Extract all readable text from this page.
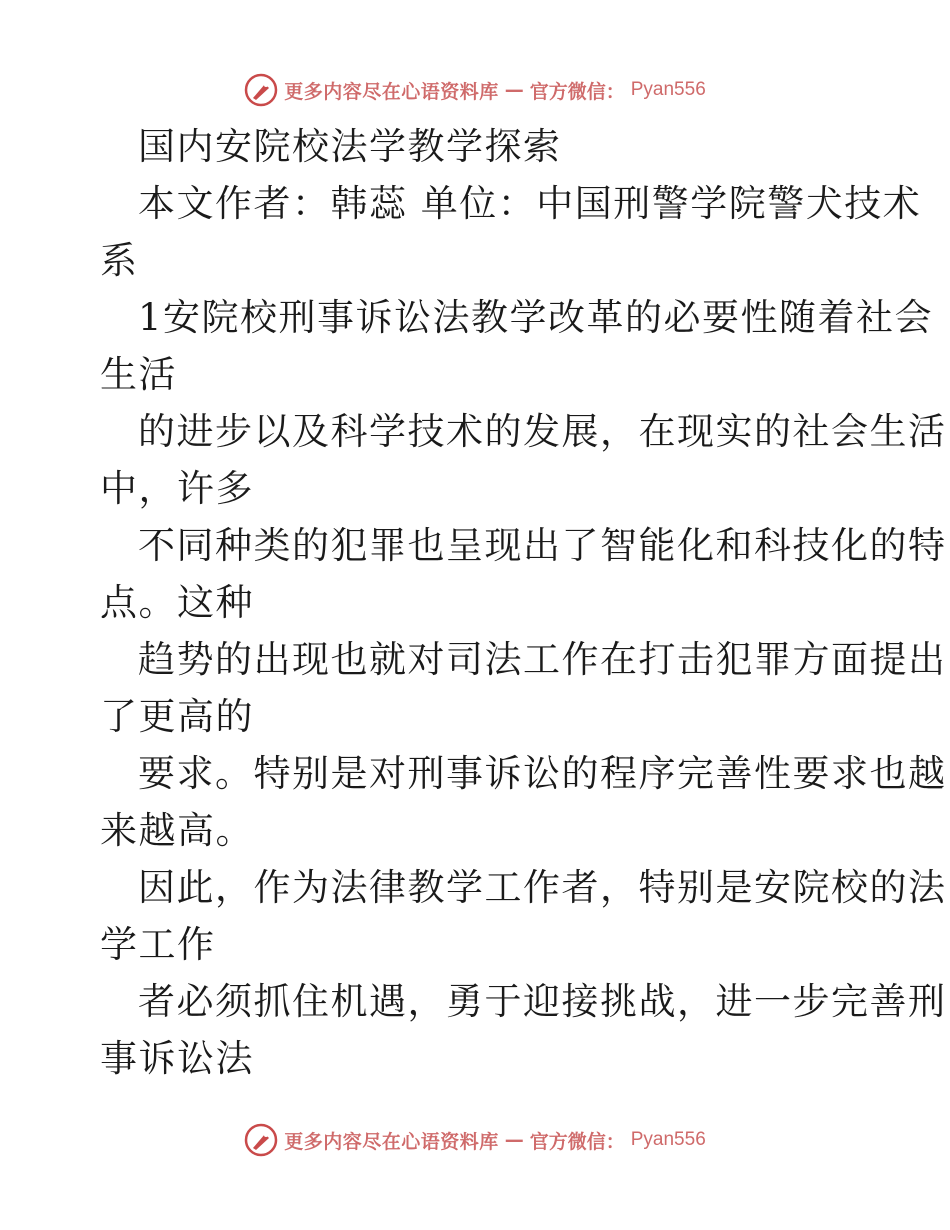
更多内容尽在心语资料库 — 官方微信： Pyan556
国内安院校法学教学探索
本文作者：韩蕊 单位：中国刑警学院警犬技术
系
1安院校刑事诉讼法教学改革的必要性随着社会
生活
的进步以及科学技术的发展，在现实的社会生活
中，许多
不同种类的犯罪也呈现出了智能化和科技化的特
点。这种
趋势的出现也就对司法工作在打击犯罪方面提出
了更高的
要求。特别是对刑事诉讼的程序完善性要求也越
来越高。
因此，作为法律教学工作者，特别是安院校的法
学工作
者必须抓住机遇，勇于迎接挑战，进一步完善刑
事诉讼法
更多内容尽在心语资料库 — 官方微信： Pyan556
